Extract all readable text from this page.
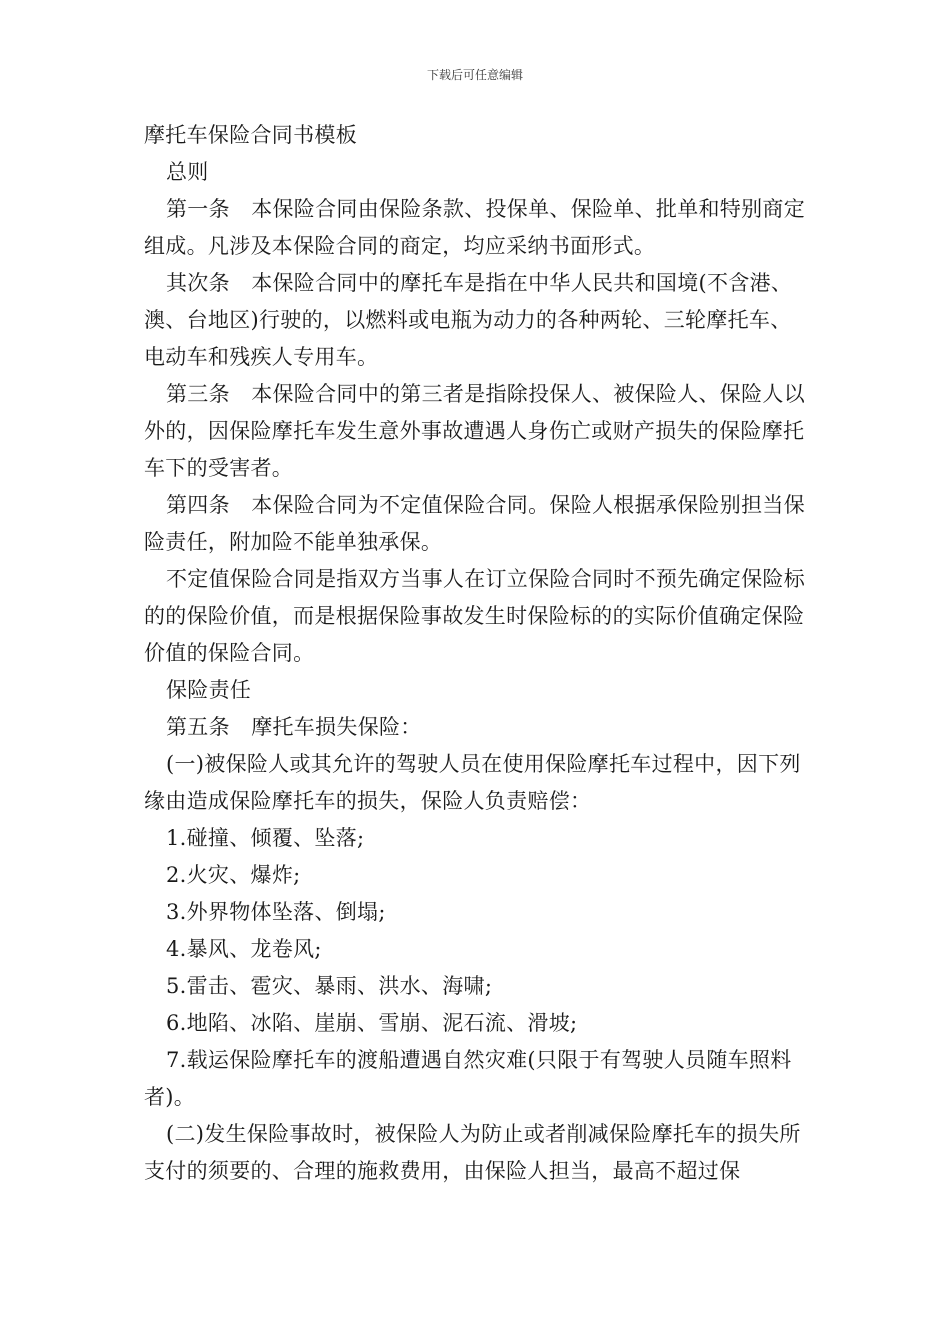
下载后可任意编辑

摩托车保险合同书模板

总则

第一条　本保险合同由保险条款、投保单、保险单、批单和特别商定组成。凡涉及本保险合同的商定，均应采纳书面形式。

其次条　本保险合同中的摩托车是指在中华人民共和国境(不含港、澳、台地区)行驶的，以燃料或电瓶为动力的各种两轮、三轮摩托车、电动车和残疾人专用车。

第三条　本保险合同中的第三者是指除投保人、被保险人、保险人以外的，因保险摩托车发生意外事故遭遇人身伤亡或财产损失的保险摩托车下的受害者。

第四条　本保险合同为不定值保险合同。保险人根据承保险别担当保险责任，附加险不能单独承保。

不定值保险合同是指双方当事人在订立保险合同时不预先确定保险标的的保险价值，而是根据保险事故发生时保险标的的实际价值确定保险价值的保险合同。

保险责任

第五条　摩托车损失保险：

(一)被保险人或其允许的驾驶人员在使用保险摩托车过程中，因下列缘由造成保险摩托车的损失，保险人负责赔偿：

1.碰撞、倾覆、坠落;

2.火灾、爆炸;

3.外界物体坠落、倒塌;

4.暴风、龙卷风;

5.雷击、雹灾、暴雨、洪水、海啸;

6.地陷、冰陷、崖崩、雪崩、泥石流、滑坡;

7.载运保险摩托车的渡船遭遇自然灾难(只限于有驾驶人员随车照料者)。

(二)发生保险事故时，被保险人为防止或者削减保险摩托车的损失所支付的须要的、合理的施救费用，由保险人担当，最高不超过保
